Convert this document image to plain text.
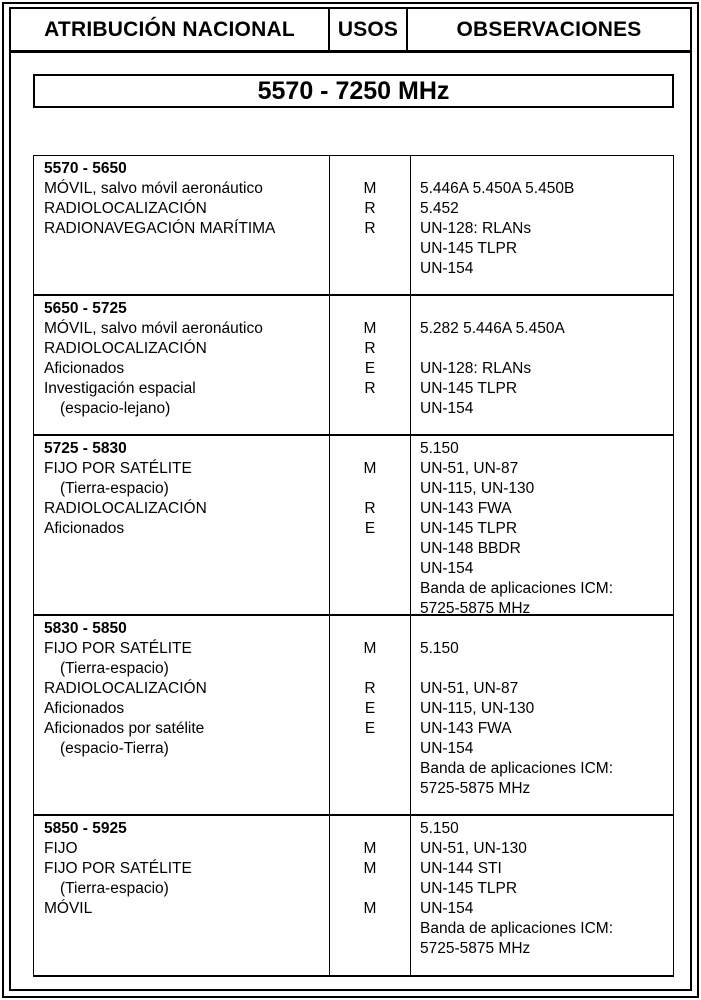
ATRIBUCIÓN NACIONAL	USOS	OBSERVACIONES
5570 - 7250 MHz
5570 - 5650
MÓVIL, salvo móvil aeronáutico
RADIOLOCALIZACIÓN
RADIONAVEGACIÓN MARÍTIMA
M
R
R
5.446A 5.450A 5.450B
5.452
UN-128: RLANs
UN-145 TLPR
UN-154
5650 - 5725
MÓVIL, salvo móvil aeronáutico
RADIOLOCALIZACIÓN
Aficionados
Investigación espacial
(espacio-lejano)
M
R
E
R
5.282 5.446A 5.450A
UN-128: RLANs
UN-145 TLPR
UN-154
5725 - 5830
FIJO POR SATÉLITE
(Tierra-espacio)
RADIOLOCALIZACIÓN
Aficionados
M
R
E
5.150
UN-51, UN-87
UN-115, UN-130
UN-143 FWA
UN-145 TLPR
UN-148 BBDR
UN-154
Banda de aplicaciones ICM:
5725-5875 MHz
5830 - 5850
FIJO POR SATÉLITE
(Tierra-espacio)
RADIOLOCALIZACIÓN
Aficionados
Aficionados por satélite
(espacio-Tierra)
M
R
E
E
5.150
UN-51, UN-87
UN-115, UN-130
UN-143 FWA
UN-154
Banda de aplicaciones ICM:
5725-5875 MHz
5850 - 5925
FIJO
FIJO POR SATÉLITE
(Tierra-espacio)
MÓVIL
M
M
M
5.150
UN-51, UN-130
UN-144 STI
UN-145 TLPR
UN-154
Banda de aplicaciones ICM:
5725-5875 MHz
